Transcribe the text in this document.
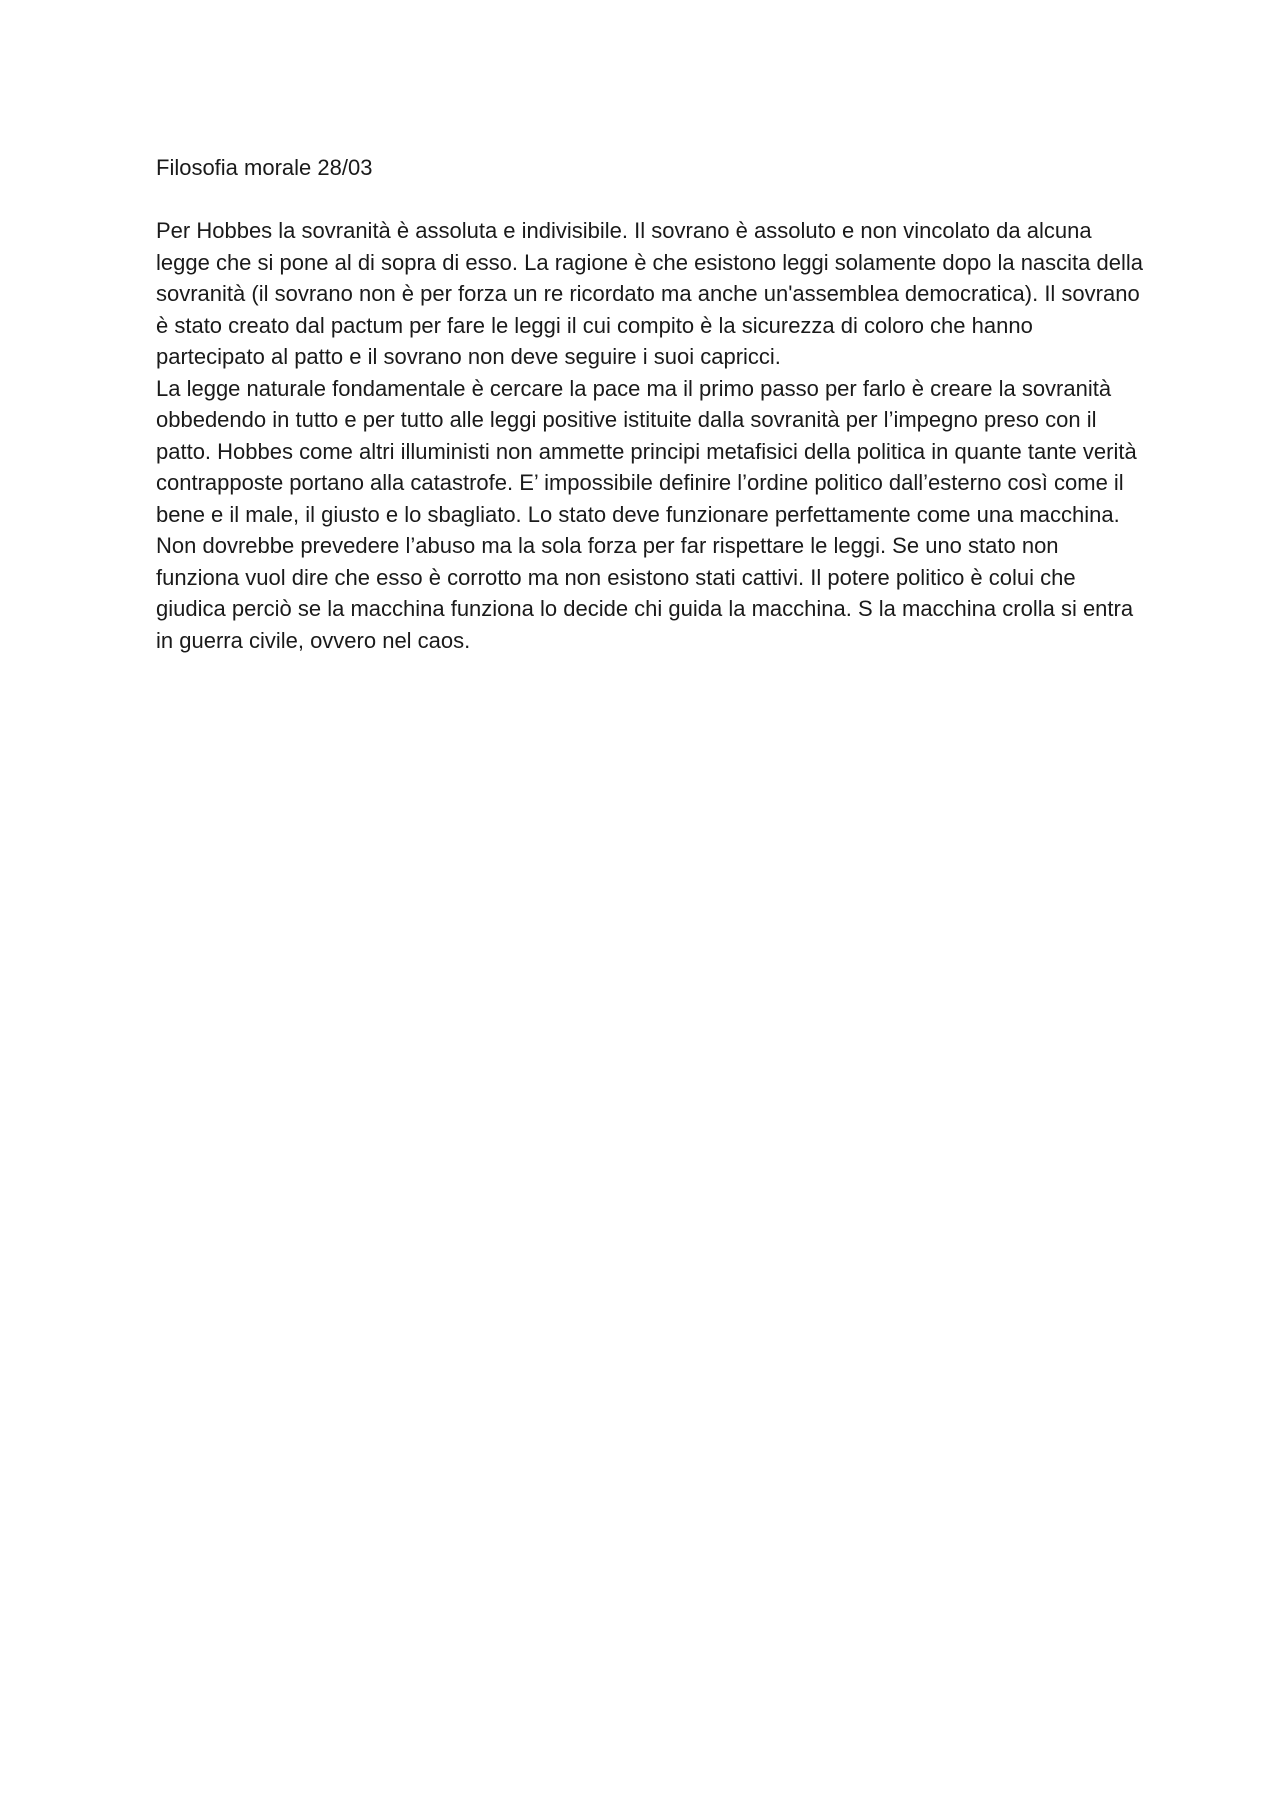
Filosofia morale 28/03

Per Hobbes la sovranità è assoluta e indivisibile. Il sovrano è assoluto e non vincolato da alcuna legge che si pone al di sopra di esso. La ragione è che esistono leggi solamente dopo la nascita della sovranità (il sovrano non è per forza un re ricordato ma anche un'assemblea democratica). Il sovrano è stato creato dal pactum per fare le leggi il cui compito è la sicurezza di coloro che hanno partecipato al patto e il sovrano non deve seguire i suoi capricci.

La legge naturale fondamentale è cercare la pace ma il primo passo per farlo è creare la sovranità obbedendo in tutto e per tutto alle leggi positive istituite dalla sovranità per l’impegno preso con il patto. Hobbes come altri illuministi non ammette principi metafisici della politica in quante tante verità contrapposte portano alla catastrofe. E’ impossibile definire l’ordine politico dall’esterno così come il bene e il male, il giusto e lo sbagliato. Lo stato deve funzionare perfettamente come una macchina. Non dovrebbe prevedere l’abuso ma la sola forza per far rispettare le leggi. Se uno stato non funziona vuol dire che esso è corrotto ma non esistono stati cattivi. Il potere politico è colui che giudica perciò se la macchina funziona lo decide chi guida la macchina. S la macchina crolla si entra in guerra civile, ovvero nel caos.
